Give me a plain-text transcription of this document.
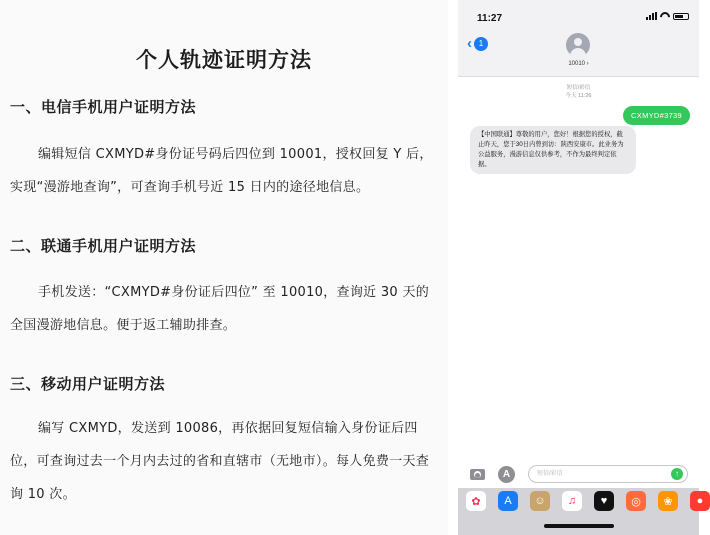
个人轨迹证明方法
一、电信手机用户证明方法
编辑短信 CXMYD#身份证号码后四位到 10001，授权回复 Y 后，实现“漫游地查询”，可查询手机号近 15 日内的途径地信息。
二、联通手机用户证明方法
手机发送：“CXMYD#身份证后四位” 至 10010，查询近 30 天的全国漫游地信息。便于返工辅助排查。
三、移动用户证明方法
编写 CXMYD，发送到 10086，再依据回复短信输入身份证后四位，可查询过去一个月内去过的省和直辖市（无地市）。每人免费一天查询 10 次。
11:27
‹ 1
10010 ›
短信/彩信
今天 11:26
CXMYD#3739
【中国联通】尊敬的用户，您好！根据您的授权，截止昨天，您于30日内曾到访：陕西安康市。此业务为公益服务，漫游信息仅供参考，不作为最终判定依据。
A	短信/彩信	↑
✿	A	☺	♫	♥	◎	❀	●
